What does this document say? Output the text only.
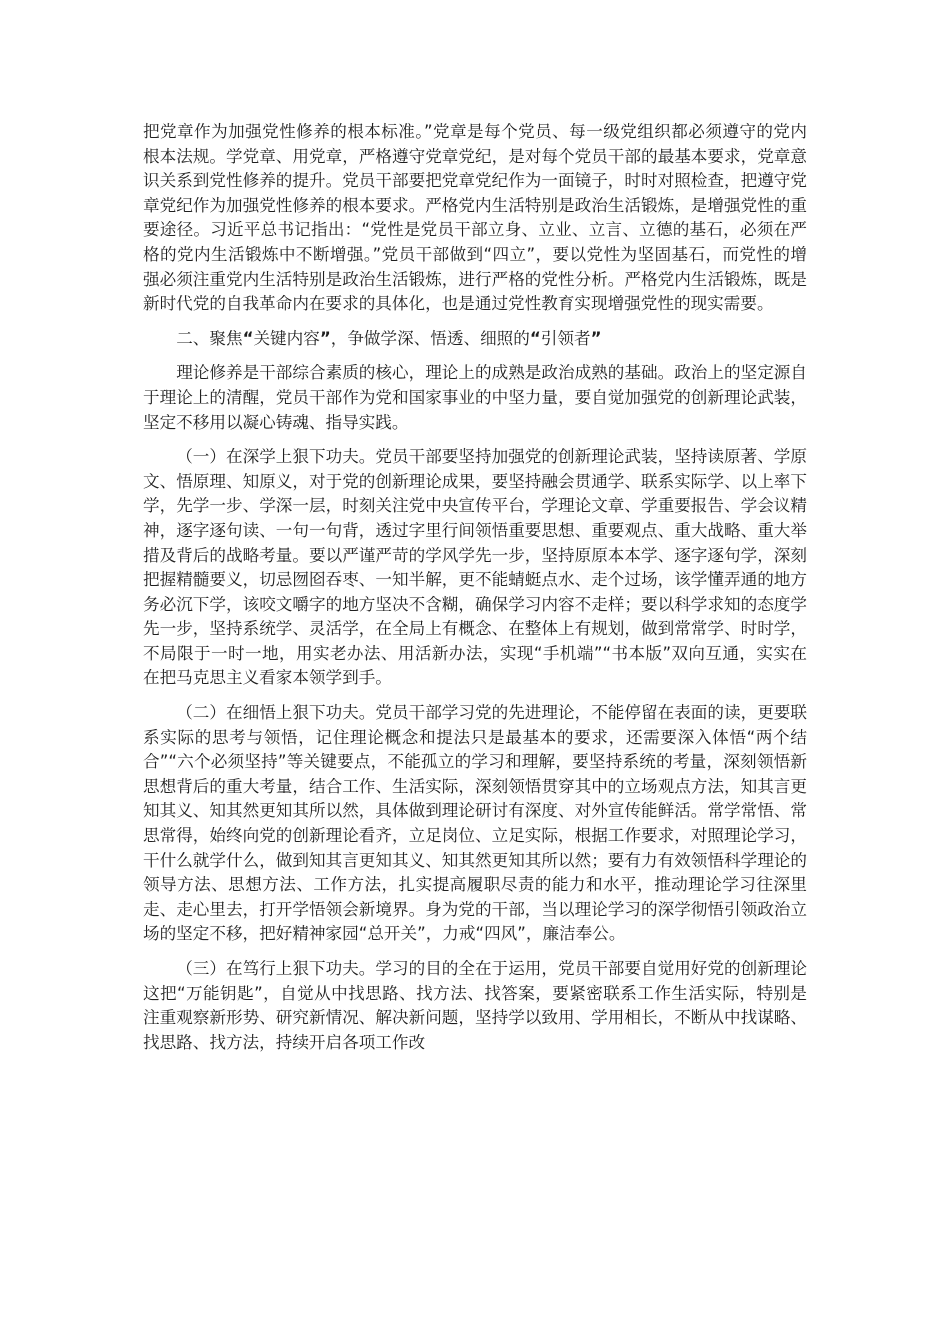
把党章作为加强党性修养的根本标准。”党章是每个党员、每一级党组织都必须遵守的党内根本法规。学党章、用党章，严格遵守党章党纪，是对每个党员干部的最基本要求，党章意识关系到党性修养的提升。党员干部要把党章党纪作为一面镜子，时时对照检查，把遵守党章党纪作为加强党性修养的根本要求。严格党内生活特别是政治生活锻炼，是增强党性的重要途径。习近平总书记指出：“党性是党员干部立身、立业、立言、立德的基石，必须在严格的党内生活锻炼中不断增强。”党员干部做到“四立”，要以党性为坚固基石，而党性的增强必须注重党内生活特别是政治生活锻炼，进行严格的党性分析。严格党内生活锻炼，既是新时代党的自我革命内在要求的具体化，也是通过党性教育实现增强党性的现实需要。

二、聚焦“关键内容”，争做学深、悟透、细照的“引领者”

理论修养是干部综合素质的核心，理论上的成熟是政治成熟的基础。政治上的坚定源自于理论上的清醒，党员干部作为党和国家事业的中坚力量，要自觉加强党的创新理论武装，坚定不移用以凝心铸魂、指导实践。

（一）在深学上狠下功夫。党员干部要坚持加强党的创新理论武装，坚持读原著、学原文、悟原理、知原义，对于党的创新理论成果，要坚持融会贯通学、联系实际学、以上率下学，先学一步、学深一层，时刻关注党中央宣传平台，学理论文章、学重要报告、学会议精神，逐字逐句读、一句一句背，透过字里行间领悟重要思想、重要观点、重大战略、重大举措及背后的战略考量。要以严谨严苛的学风学先一步，坚持原原本本学、逐字逐句学，深刻把握精髓要义，切忌囫囵吞枣、一知半解，更不能蜻蜓点水、走个过场，该学懂弄通的地方务必沉下学，该咬文嚼字的地方坚决不含糊，确保学习内容不走样；要以科学求知的态度学先一步，坚持系统学、灵活学，在全局上有概念、在整体上有规划，做到常常学、时时学，不局限于一时一地，用实老办法、用活新办法，实现“手机端”“书本版”双向互通，实实在在把马克思主义看家本领学到手。

（二）在细悟上狠下功夫。党员干部学习党的先进理论，不能停留在表面的读，更要联系实际的思考与领悟，记住理论概念和提法只是最基本的要求，还需要深入体悟“两个结合”“六个必须坚持”等关键要点，不能孤立的学习和理解，要坚持系统的考量，深刻领悟新思想背后的重大考量，结合工作、生活实际，深刻领悟贯穿其中的立场观点方法，知其言更知其义、知其然更知其所以然，具体做到理论研讨有深度、对外宣传能鲜活。常学常悟、常思常得，始终向党的创新理论看齐，立足岗位、立足实际，根据工作要求，对照理论学习，干什么就学什么，做到知其言更知其义、知其然更知其所以然；要有力有效领悟科学理论的领导方法、思想方法、工作方法，扎实提高履职尽责的能力和水平，推动理论学习往深里走、走心里去，打开学悟领会新境界。身为党的干部，当以理论学习的深学彻悟引领政治立场的坚定不移，把好精神家园“总开关”，力戒“四风”，廉洁奉公。

（三）在笃行上狠下功夫。学习的目的全在于运用，党员干部要自觉用好党的创新理论这把“万能钥匙”，自觉从中找思路、找方法、找答案，要紧密联系工作生活实际，特别是注重观察新形势、研究新情况、解决新问题，坚持学以致用、学用相长，不断从中找谋略、找思路、找方法，持续开启各项工作改
